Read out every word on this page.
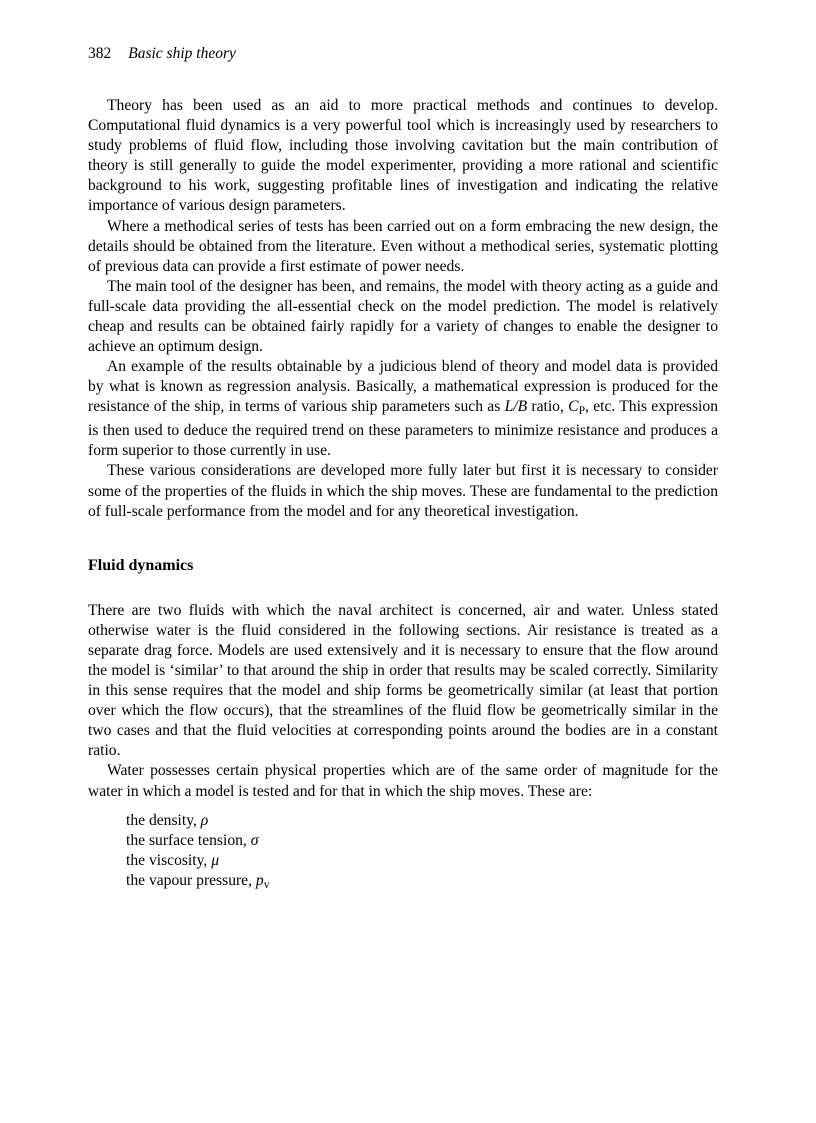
382 Basic ship theory

Theory has been used as an aid to more practical methods and continues to develop. Computational fluid dynamics is a very powerful tool which is increasingly used by researchers to study problems of fluid flow, including those involving cavitation but the main contribution of theory is still generally to guide the model experimenter, providing a more rational and scientific background to his work, suggesting profitable lines of investigation and indicating the relative importance of various design parameters.

Where a methodical series of tests has been carried out on a form embracing the new design, the details should be obtained from the literature. Even without a methodical series, systematic plotting of previous data can provide a first estimate of power needs.

The main tool of the designer has been, and remains, the model with theory acting as a guide and full-scale data providing the all-essential check on the model prediction. The model is relatively cheap and results can be obtained fairly rapidly for a variety of changes to enable the designer to achieve an optimum design.

An example of the results obtainable by a judicious blend of theory and model data is provided by what is known as regression analysis. Basically, a mathematical expression is produced for the resistance of the ship, in terms of various ship parameters such as L/B ratio, CP, etc. This expression is then used to deduce the required trend on these parameters to minimize resistance and produces a form superior to those currently in use.

These various considerations are developed more fully later but first it is necessary to consider some of the properties of the fluids in which the ship moves. These are fundamental to the prediction of full-scale performance from the model and for any theoretical investigation.

Fluid dynamics

There are two fluids with which the naval architect is concerned, air and water. Unless stated otherwise water is the fluid considered in the following sections. Air resistance is treated as a separate drag force. Models are used extensively and it is necessary to ensure that the flow around the model is ‘similar’ to that around the ship in order that results may be scaled correctly. Similarity in this sense requires that the model and ship forms be geometrically similar (at least that portion over which the flow occurs), that the streamlines of the fluid flow be geometrically similar in the two cases and that the fluid velocities at corresponding points around the bodies are in a constant ratio.

Water possesses certain physical properties which are of the same order of magnitude for the water in which a model is tested and for that in which the ship moves. These are:

the density, ρ
the surface tension, σ
the viscosity, μ
the vapour pressure, pv
